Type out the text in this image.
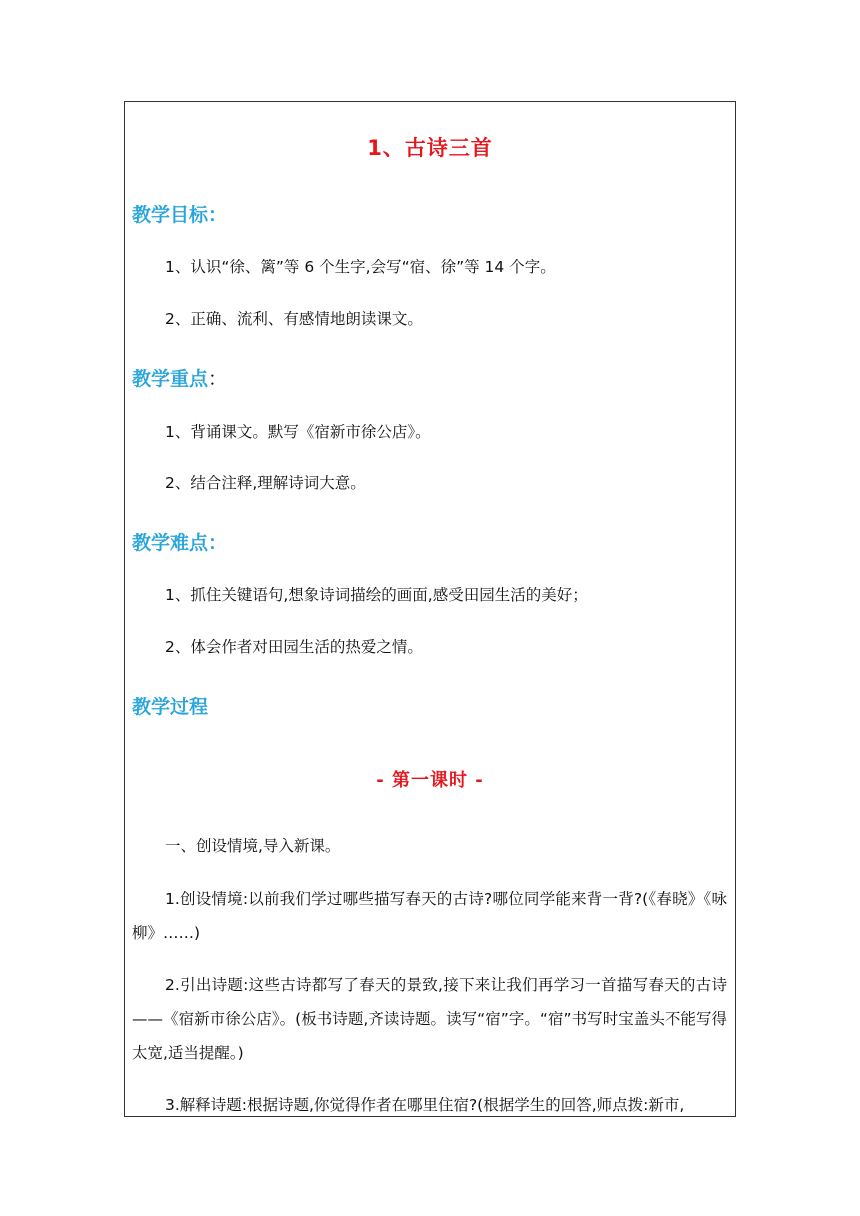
1、古诗三首
教学目标：
1、认识“徐、篱”等 6 个生字,会写“宿、徐”等 14 个字。
2、正确、流利、有感情地朗读课文。
教学重点：
1、背诵课文。默写《宿新市徐公店》。
2、结合注释,理解诗词大意。
教学难点：
1、抓住关键语句,想象诗词描绘的画面,感受田园生活的美好；
2、体会作者对田园生活的热爱之情。
教学过程
- 第一课时 -
一、创设情境,导入新课。
1.创设情境:以前我们学过哪些描写春天的古诗?哪位同学能来背一背?(《春晓》《咏柳》……)
2.引出诗题:这些古诗都写了春天的景致,接下来让我们再学习一首描写春天的古诗——《宿新市徐公店》。(板书诗题,齐读诗题。读写“宿”字。“宿”书写时宝盖头不能写得太宽,适当提醒。)
3.解释诗题:根据诗题,你觉得作者在哪里住宿?(根据学生的回答,师点拨:新市,
